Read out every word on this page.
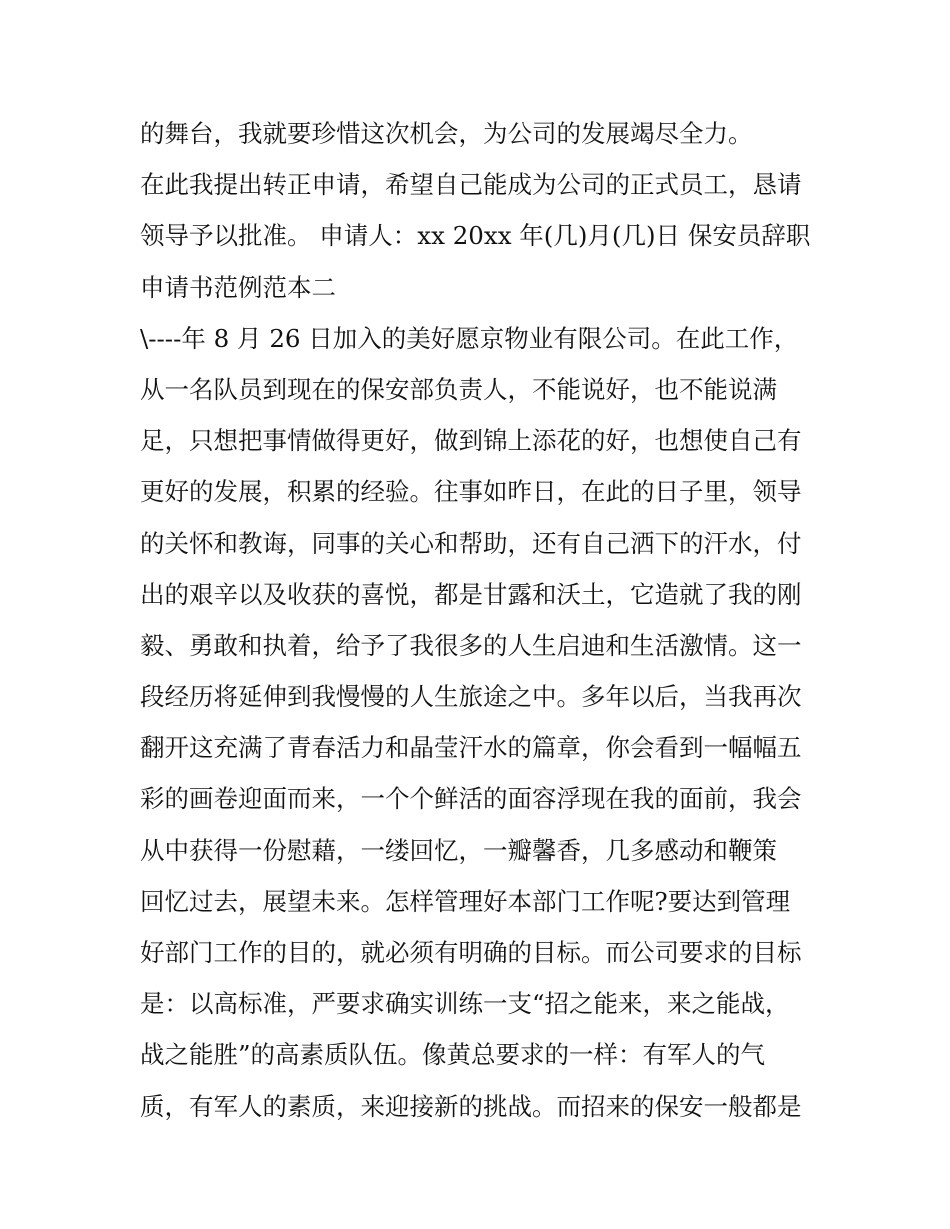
的舞台，我就要珍惜这次机会，为公司的发展竭尽全力。
在此我提出转正申请，希望自己能成为公司的正式员工，恳请
领导予以批准。 申请人：xx 20xx 年(几)月(几)日 保安员辞职
申请书范例范本二
\----年 8 月 26 日加入的美好愿京物业有限公司。在此工作，
从一名队员到现在的保安部负责人，不能说好，也不能说满
足，只想把事情做得更好，做到锦上添花的好，也想使自己有
更好的发展，积累的经验。往事如昨日，在此的日子里，领导
的关怀和教诲，同事的关心和帮助，还有自己洒下的汗水，付
出的艰辛以及收获的喜悦，都是甘露和沃土，它造就了我的刚
毅、勇敢和执着，给予了我很多的人生启迪和生活激情。这一
段经历将延伸到我慢慢的人生旅途之中。多年以后，当我再次
翻开这充满了青春活力和晶莹汗水的篇章，你会看到一幅幅五
彩的画卷迎面而来，一个个鲜活的面容浮现在我的面前，我会
从中获得一份慰藉，一缕回忆，一瓣馨香，几多感动和鞭策
回忆过去，展望未来。怎样管理好本部门工作呢?要达到管理
好部门工作的目的，就必须有明确的目标。而公司要求的目标
是：以高标准，严要求确实训练一支“招之能来，来之能战，
战之能胜”的高素质队伍。像黄总要求的一样：有军人的气
质，有军人的素质，来迎接新的挑战。而招来的保安一般都是
